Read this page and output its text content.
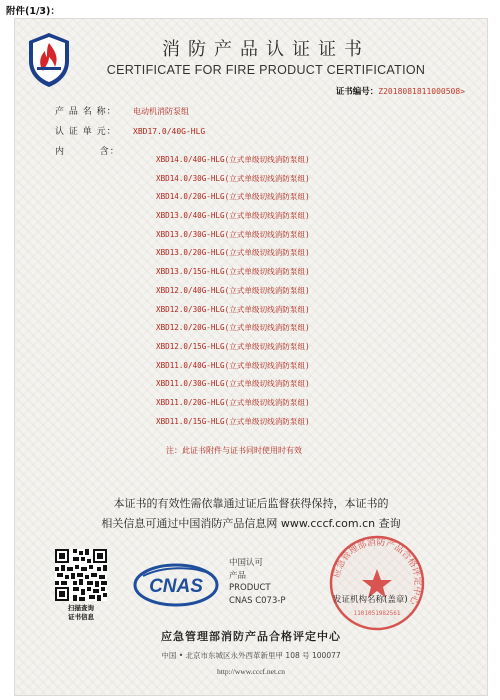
附件(1/3)：
消防产品认证证书
CERTIFICATE FOR FIRE PRODUCT CERTIFICATION
证书编号：Z2018081811000508>
产 品 名 称： 电动机消防泵组
认 证 单 元： XBD17.0/40G-HLG
内         含：
XBD14.0/40G-HLG(立式单级切线消防泵组)
XBD14.0/30G-HLG(立式单级切线消防泵组)
XBD14.0/20G-HLG(立式单级切线消防泵组)
XBD13.0/40G-HLG(立式单级切线消防泵组)
XBD13.0/30G-HLG(立式单级切线消防泵组)
XBD13.0/20G-HLG(立式单级切线消防泵组)
XBD13.0/15G-HLG(立式单级切线消防泵组)
XBD12.0/40G-HLG(立式单级切线消防泵组)
XBD12.0/30G-HLG(立式单级切线消防泵组)
XBD12.0/20G-HLG(立式单级切线消防泵组)
XBD12.0/15G-HLG(立式单级切线消防泵组)
XBD11.0/40G-HLG(立式单级切线消防泵组)
XBD11.0/30G-HLG(立式单级切线消防泵组)
XBD11.0/20G-HLG(立式单级切线消防泵组)
XBD11.0/15G-HLG(立式单级切线消防泵组)
注：此证书附件与证书同时使用时有效
本证书的有效性需依靠通过证后监督获得保持，本证书的
相关信息可通过中国消防产品信息网 www.cccf.com.cn 查询
扫描查询
证书信息
CNAS
中国认可
产品
PRODUCT
CNAS C073-P
应急管理部消防产品合格评定中心
1101051982561
发证机构名称(盖章)
应急管理部消防产品合格评定中心
中国 • 北京市东城区永外西革新里甲 108 号 100077
http://www.cccf.net.cn
